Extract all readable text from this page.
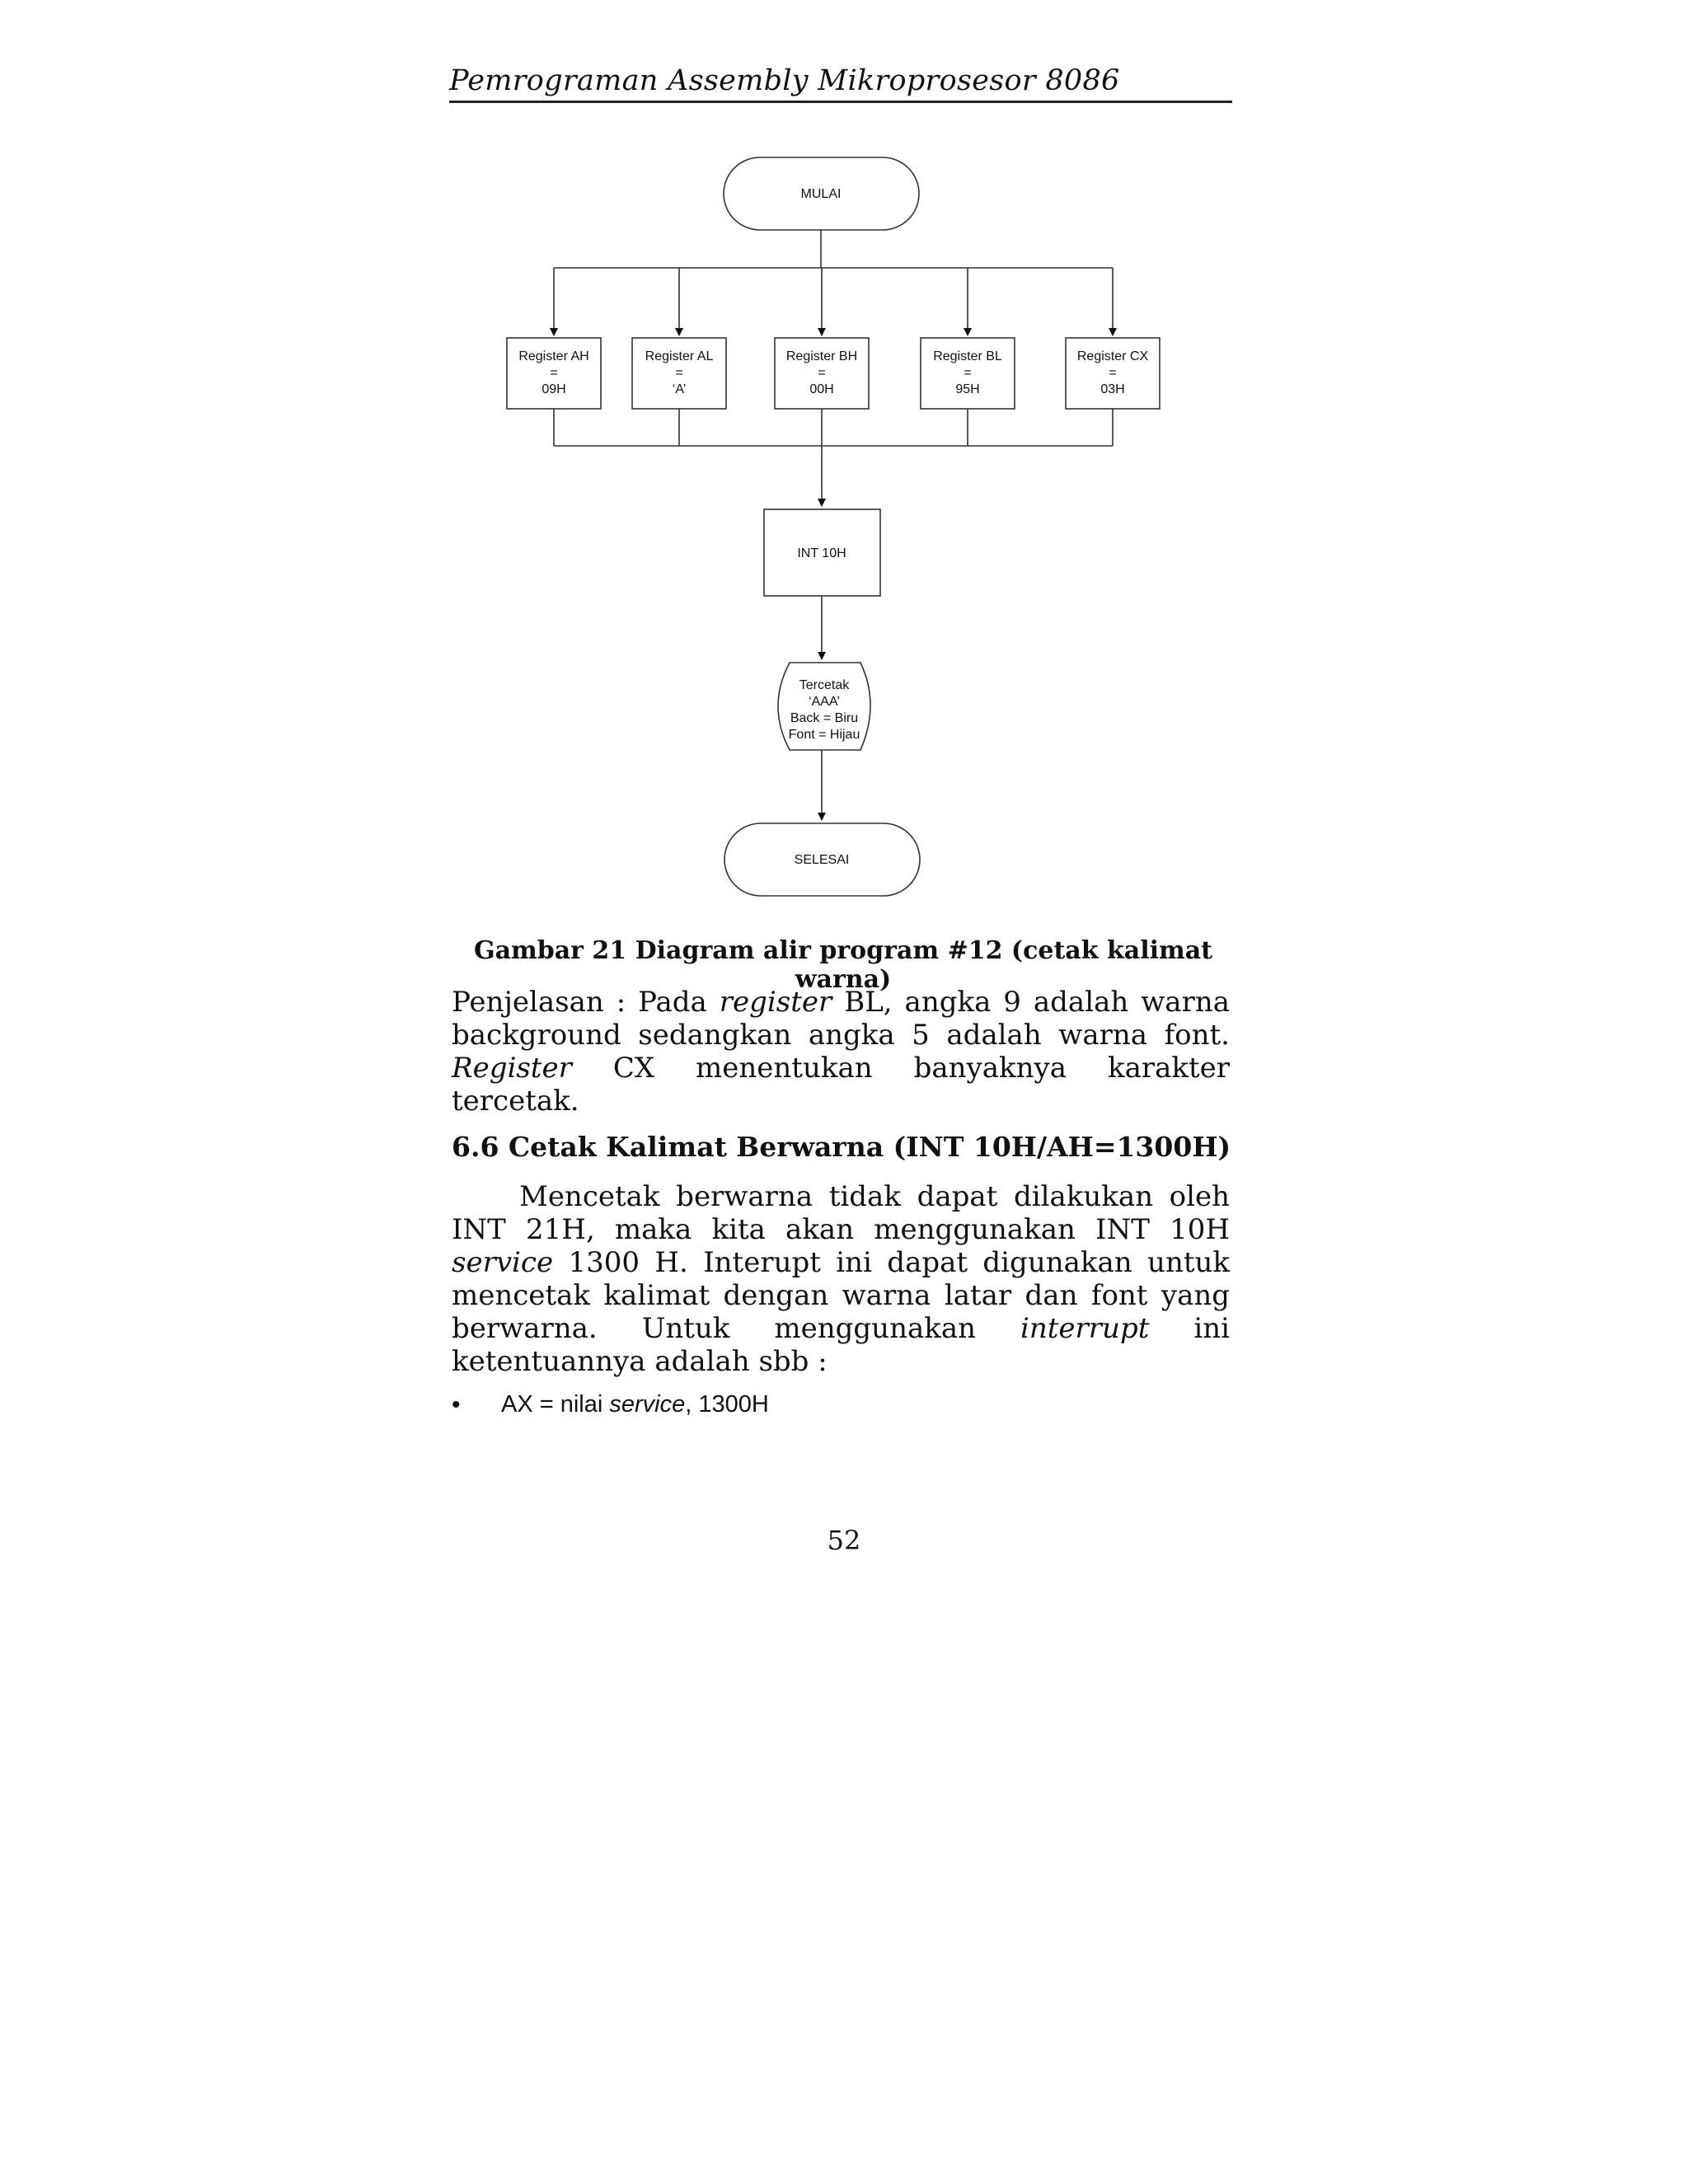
Pemrograman Assembly Mikroprosesor 8086
MULAI
Register AH
=
09H
Register AL
=
‘A’
Register BH
=
00H
Register BL
=
95H
Register CX
=
03H
INT 10H
Tercetak
‘AAA’
Back = Biru
Font = Hijau
SELESAI
Gambar 21 Diagram alir program #12 (cetak kalimat warna)
Penjelasan : Pada register BL, angka 9 adalah warna background sedangkan angka 5 adalah warna font. Register CX menentukan banyaknya karakter tercetak.
6.6 Cetak Kalimat Berwarna (INT 10H/AH=1300H)
Mencetak berwarna tidak dapat dilakukan oleh INT 21H, maka kita akan menggunakan INT 10H service 1300 H. Interupt ini dapat digunakan untuk mencetak kalimat dengan warna latar dan font yang berwarna. Untuk menggunakan interrupt ini ketentuannya adalah sbb :
• AX = nilai service, 1300H
52
